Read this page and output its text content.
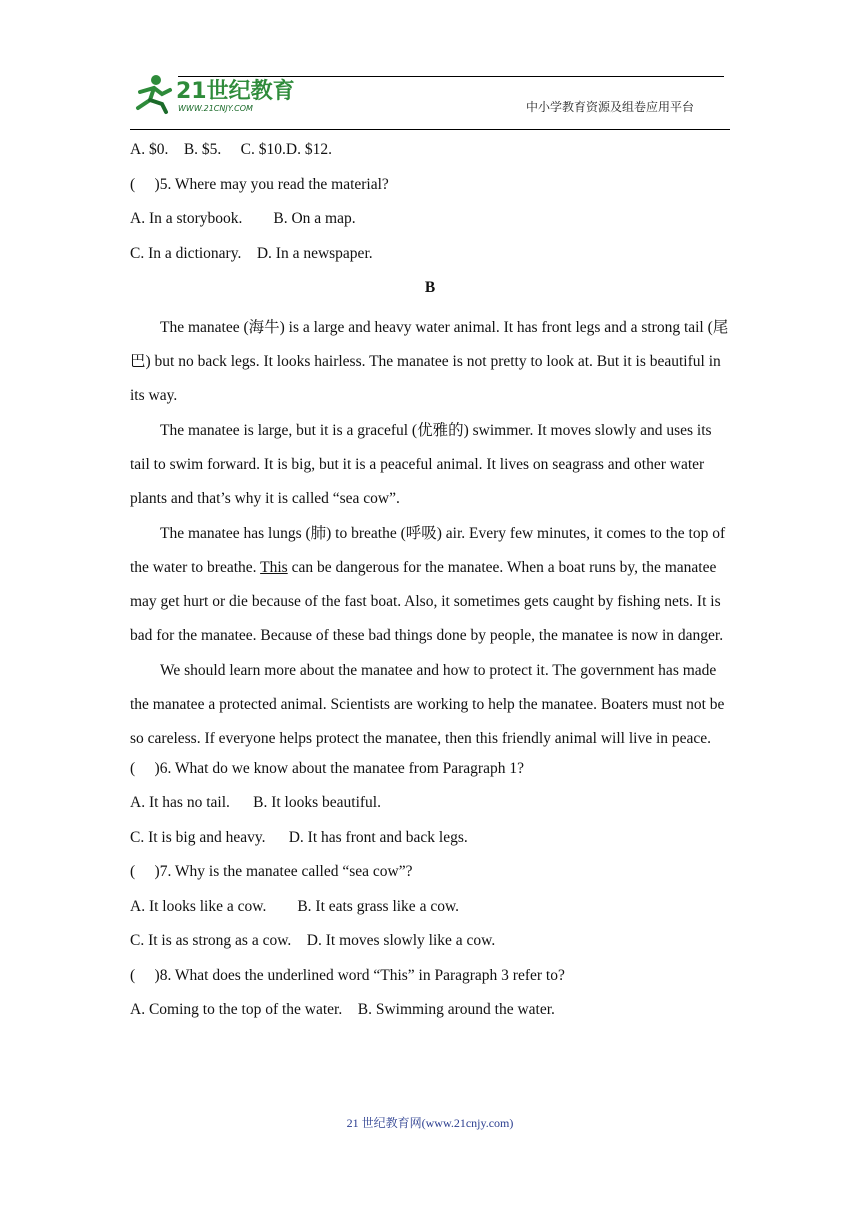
21世纪教育
WWW.21CNJY.COM	中小学教育资源及组卷应用平台
A. $0.    B. $5.     C. $10.D. $12.
(     )5. Where may you read the material?
A. In a storybook.        B. On a map.
C. In a dictionary.    D. In a newspaper.
B

The manatee (海牛) is a large and heavy water animal. It has front legs and a strong tail (尾巴) but no back legs. It looks hairless. The manatee is not pretty to look at. But it is beautiful in its way.

The manatee is large, but it is a graceful (优雅的) swimmer. It moves slowly and uses its tail to swim forward. It is big, but it is a peaceful animal. It lives on seagrass and other water plants and that’s why it is called “sea cow”.

The manatee has lungs (肺) to breathe (呼吸) air. Every few minutes, it comes to the top of the water to breathe. This can be dangerous for the manatee. When a boat runs by, the manatee may get hurt or die because of the fast boat. Also, it sometimes gets caught by fishing nets. It is bad for the manatee. Because of these bad things done by people, the manatee is now in danger.

We should learn more about the manatee and how to protect it. The government has made the manatee a protected animal. Scientists are working to help the manatee. Boaters must not be so careless. If everyone helps protect the manatee, then this friendly animal will live in peace.

(     )6. What do we know about the manatee from Paragraph 1?
A. It has no tail.      B. It looks beautiful.
C. It is big and heavy.      D. It has front and back legs.
(     )7. Why is the manatee called “sea cow”?
A. It looks like a cow.        B. It eats grass like a cow.
C. It is as strong as a cow.    D. It moves slowly like a cow.
(     )8. What does the underlined word “This” in Paragraph 3 refer to?
A. Coming to the top of the water.    B. Swimming around the water.
21 世纪教育网(www.21cnjy.com)
